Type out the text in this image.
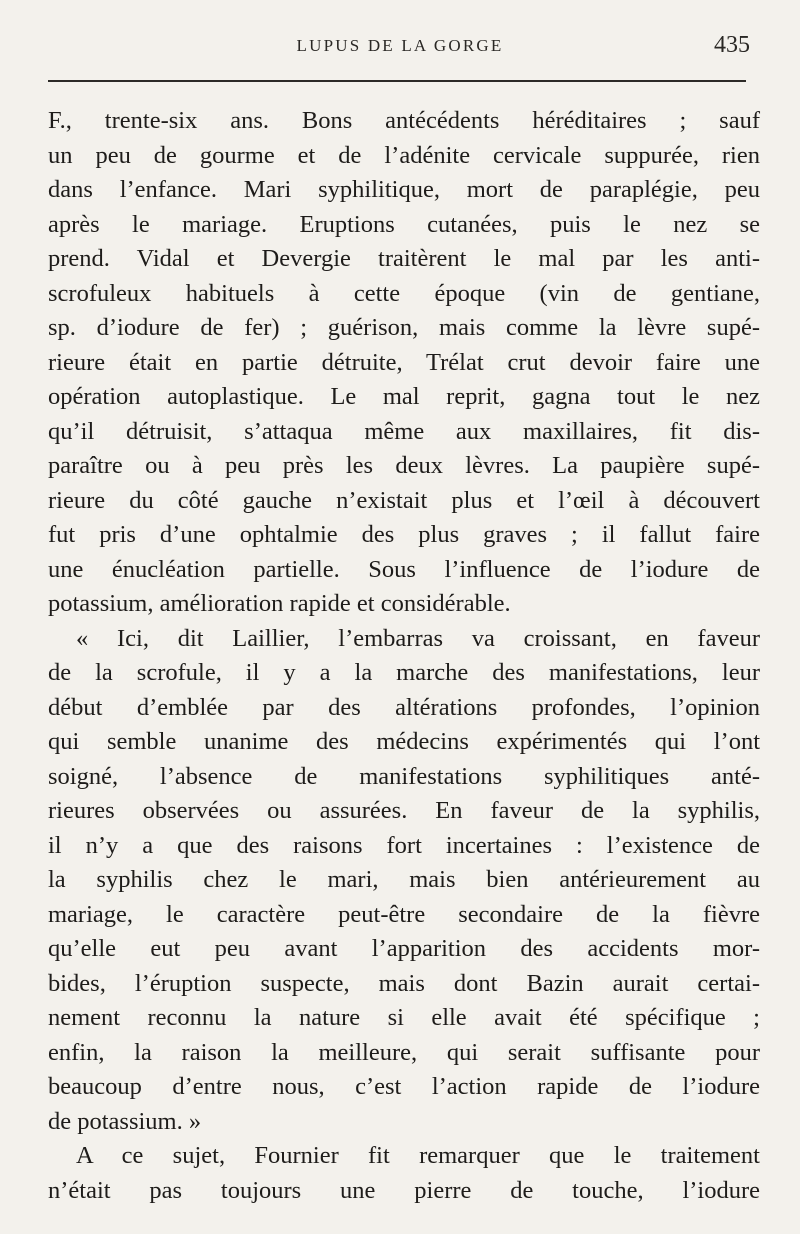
LUPUS DE LA GORGE	435
F., trente-six ans. Bons antécédents héréditaires ; sauf
un peu de gourme et de l’adénite cervicale suppurée, rien
dans l’enfance. Mari syphilitique, mort de paraplégie, peu
après le mariage. Eruptions cutanées, puis le nez se
prend. Vidal et Devergie traitèrent le mal par les anti-
scrofuleux habituels à cette époque (vin de gentiane,
sp. d’iodure de fer) ; guérison, mais comme la lèvre supé-
rieure était en partie détruite, Trélat crut devoir faire une
opération autoplastique. Le mal reprit, gagna tout le nez
qu’il détruisit, s’attaqua même aux maxillaires, fit dis-
paraître ou à peu près les deux lèvres. La paupière supé-
rieure du côté gauche n’existait plus et l’œil à découvert
fut pris d’une ophtalmie des plus graves ; il fallut faire
une énucléation partielle. Sous l’influence de l’iodure de
potassium, amélioration rapide et considérable.
« Ici, dit Laillier, l’embarras va croissant, en faveur
de la scrofule, il y a la marche des manifestations, leur
début d’emblée par des altérations profondes, l’opinion
qui semble unanime des médecins expérimentés qui l’ont
soigné, l’absence de manifestations syphilitiques anté-
rieures observées ou assurées. En faveur de la syphilis,
il n’y a que des raisons fort incertaines : l’existence de
la syphilis chez le mari, mais bien antérieurement au
mariage, le caractère peut-être secondaire de la fièvre
qu’elle eut peu avant l’apparition des accidents mor-
bides, l’éruption suspecte, mais dont Bazin aurait certai-
nement reconnu la nature si elle avait été spécifique ;
enfin, la raison la meilleure, qui serait suffisante pour
beaucoup d’entre nous, c’est l’action rapide de l’iodure
de potassium. »
A ce sujet, Fournier fit remarquer que le traitement
n’était pas toujours une pierre de touche, l’iodure
